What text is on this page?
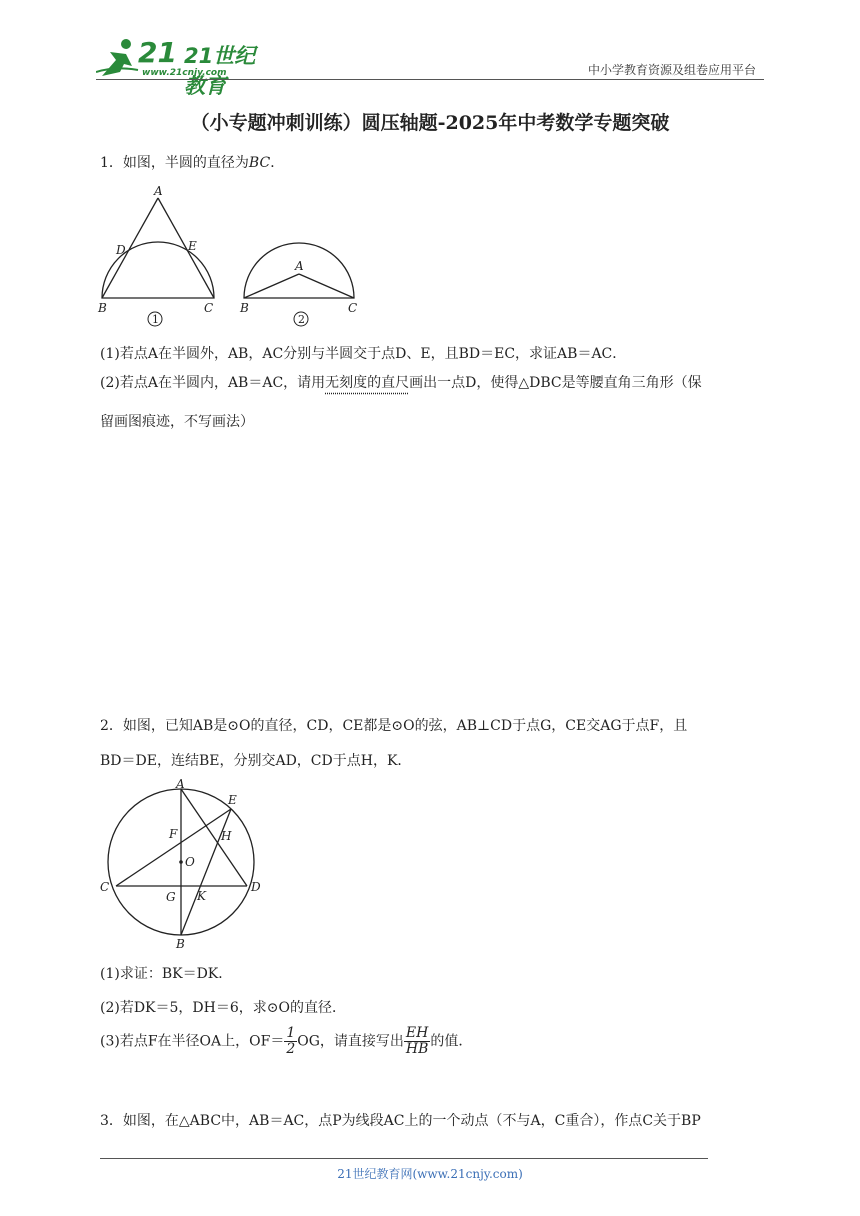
21 21世纪教育
www.21cnjy.com	中小学教育资源及组卷应用平台
（小专题冲刺训练）圆压轴题-2025年中考数学专题突破
1．如图，半圆的直径为BC．
A
D	E
B	C
1
A
B	C
2
(1)若点A在半圆外，AB，AC分别与半圆交于点D、E，且BD＝EC，求证AB＝AC．
(2)若点A在半圆内，AB＝AC，请用无刻度的直尺画出一点D，使得△DBC是等腰直角三角形（保
留画图痕迹，不写画法）
2．如图，已知AB是⊙O的直径，CD，CE都是⊙O的弦，AB⊥CD于点G，CE交AG于点F，且
BD＝DE，连结BE，分别交AD，CD于点H，K．
A
E
F	H
O
C
G K
D
B
(1)求证：BK＝DK．
(2)若DK＝5，DH＝6，求⊙O的直径．
(3)若点F在半径OA上，$OF= \frac{1}{2}$ OG，请直接写出 $\frac{EH}{HB}$ 的值．
3．如图，在△ABC中，AB＝AC，点P为线段AC上的一个动点（不与A，C重合），作点C关于BP
21世纪教育网(www.21cnjy.com)
